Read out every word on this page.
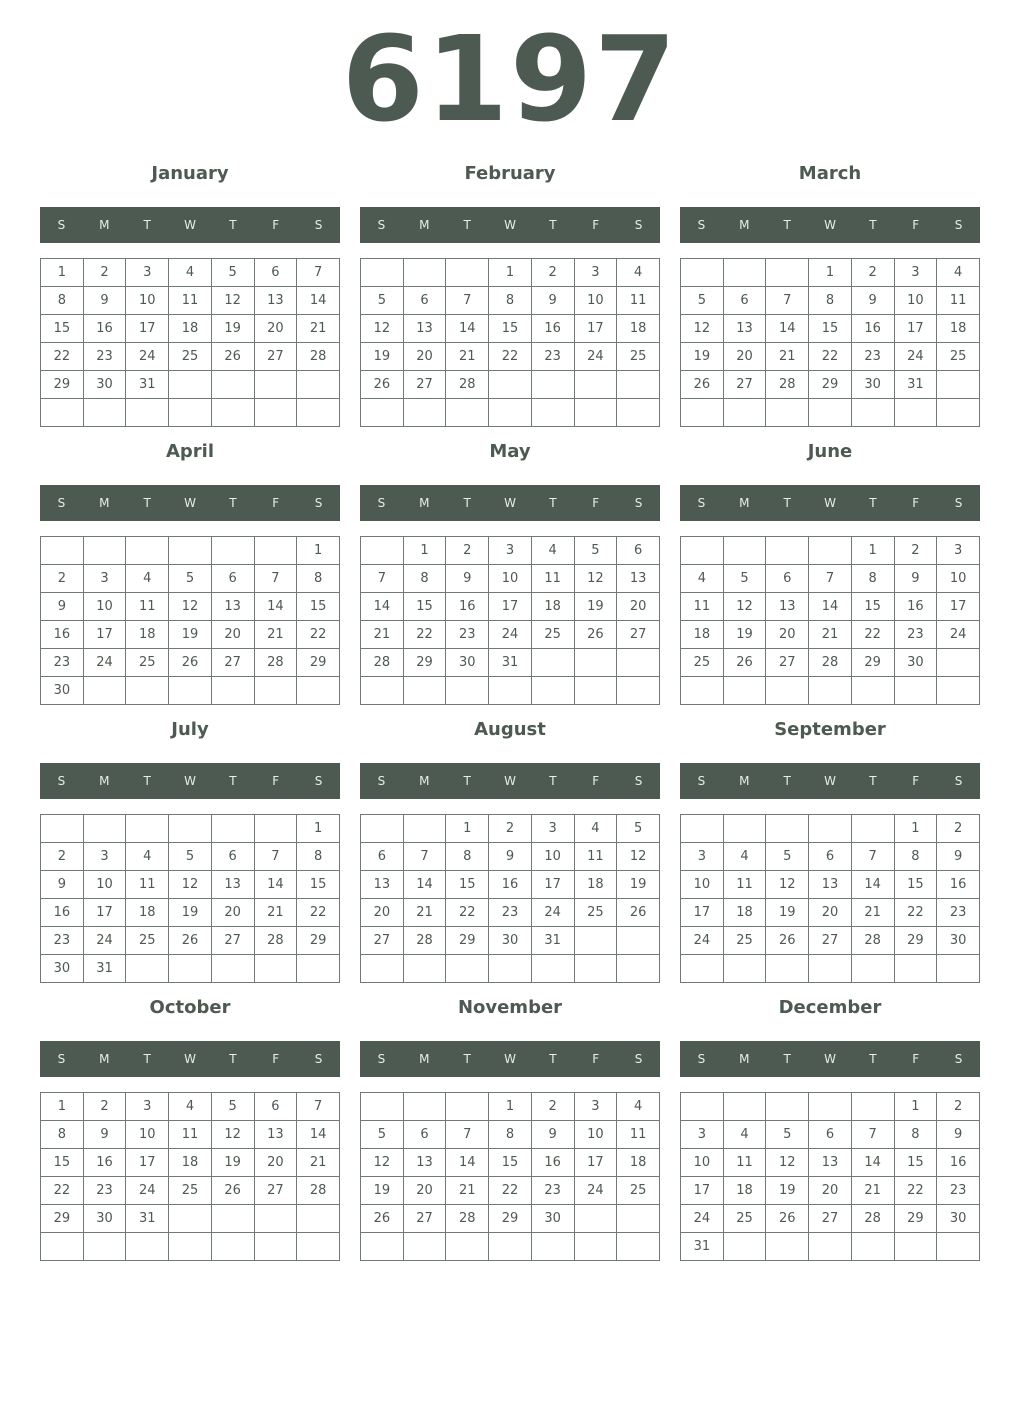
6197
January
S	M	T	W	T	F	S
1	2	3	4	5	6	7
8	9	10	11	12	13	14
15	16	17	18	19	20	21
22	23	24	25	26	27	28
29	30	31				

February
S	M	T	W	T	F	S
			1	2	3	4
5	6	7	8	9	10	11
12	13	14	15	16	17	18
19	20	21	22	23	24	25
26	27	28				

March
S	M	T	W	T	F	S
			1	2	3	4
5	6	7	8	9	10	11
12	13	14	15	16	17	18
19	20	21	22	23	24	25
26	27	28	29	30	31	

April
S	M	T	W	T	F	S
						1
2	3	4	5	6	7	8
9	10	11	12	13	14	15
16	17	18	19	20	21	22
23	24	25	26	27	28	29
30						
May
S	M	T	W	T	F	S
	1	2	3	4	5	6
7	8	9	10	11	12	13
14	15	16	17	18	19	20
21	22	23	24	25	26	27
28	29	30	31			

June
S	M	T	W	T	F	S
				1	2	3
4	5	6	7	8	9	10
11	12	13	14	15	16	17
18	19	20	21	22	23	24
25	26	27	28	29	30	

July
S	M	T	W	T	F	S
						1
2	3	4	5	6	7	8
9	10	11	12	13	14	15
16	17	18	19	20	21	22
23	24	25	26	27	28	29
30	31					
August
S	M	T	W	T	F	S
		1	2	3	4	5
6	7	8	9	10	11	12
13	14	15	16	17	18	19
20	21	22	23	24	25	26
27	28	29	30	31		

September
S	M	T	W	T	F	S
					1	2
3	4	5	6	7	8	9
10	11	12	13	14	15	16
17	18	19	20	21	22	23
24	25	26	27	28	29	30

October
S	M	T	W	T	F	S
1	2	3	4	5	6	7
8	9	10	11	12	13	14
15	16	17	18	19	20	21
22	23	24	25	26	27	28
29	30	31				

November
S	M	T	W	T	F	S
			1	2	3	4
5	6	7	8	9	10	11
12	13	14	15	16	17	18
19	20	21	22	23	24	25
26	27	28	29	30		

December
S	M	T	W	T	F	S
					1	2
3	4	5	6	7	8	9
10	11	12	13	14	15	16
17	18	19	20	21	22	23
24	25	26	27	28	29	30
31						
